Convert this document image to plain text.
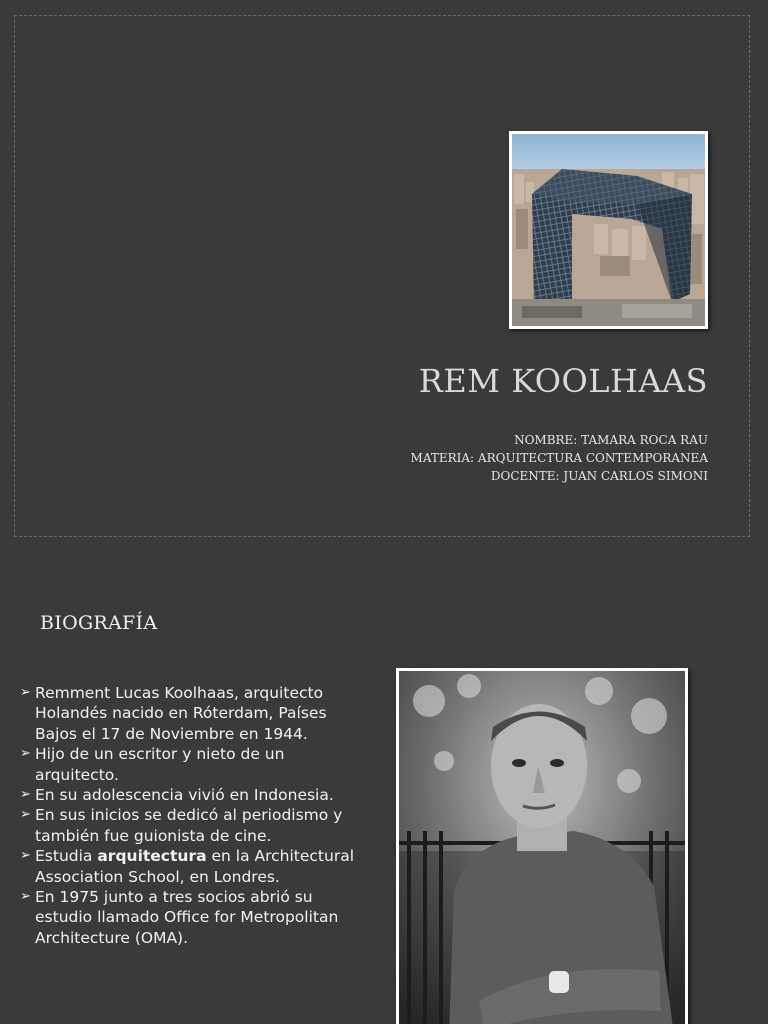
REM KOOLHAAS
NOMBRE: TAMARA ROCA RAU
MATERIA: ARQUITECTURA CONTEMPORANEA
DOCENTE: JUAN CARLOS SIMONI
BIOGRAFÍA
➢ Remment Lucas Koolhaas, arquitecto Holandés nacido en Róterdam, Países Bajos el 17 de Noviembre en 1944.
➢ Hijo de un escritor y nieto de un arquitecto.
➢ En su adolescencia vivió en Indonesia.
➢ En sus inicios se dedicó al periodismo y también fue guionista de cine.
➢ Estudia arquitectura en la Architectural Association School, en Londres.
➢ En 1975 junto a tres socios abrió su estudio llamado Office for Metropolitan Architecture (OMA).
